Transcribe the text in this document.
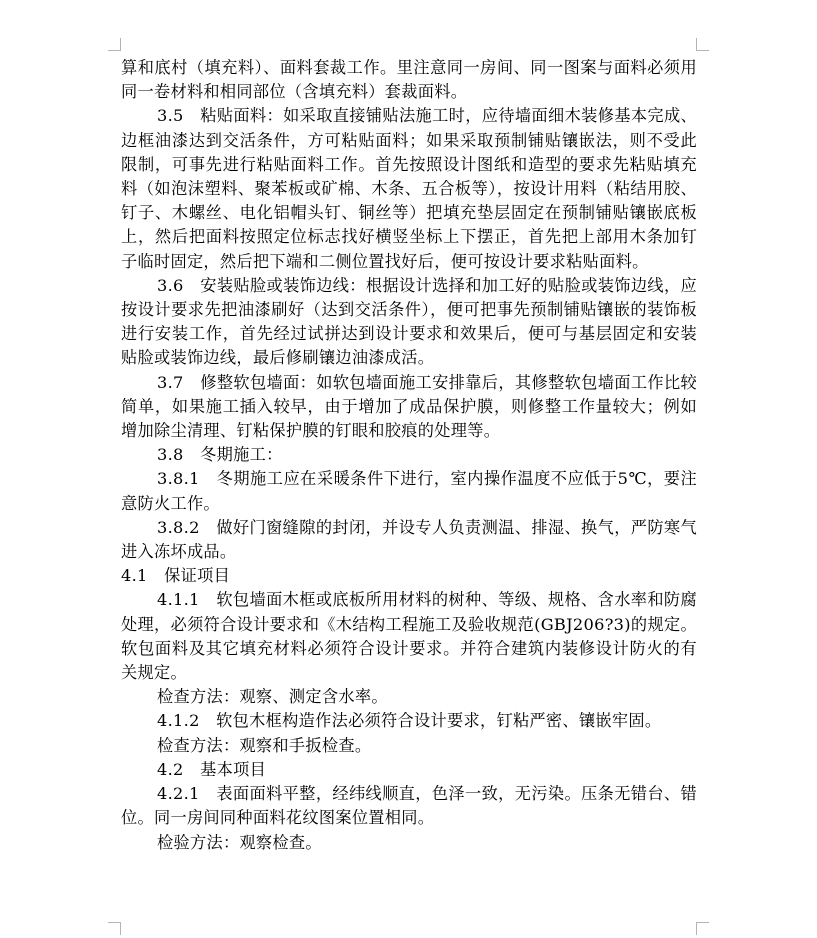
算和底村（填充料）、面料套裁工作。里注意同一房间、同一图案与面料必须用同一卷材料和相同部位（含填充料）套裁面料。

3.5　粘贴面料：如采取直接铺贴法施工时，应待墙面细木装修基本完成、边框油漆达到交活条件，方可粘贴面料；如果采取预制铺贴镶嵌法，则不受此限制，可事先进行粘贴面料工作。首先按照设计图纸和造型的要求先粘贴填充料（如泡沫塑料、聚苯板或矿棉、木条、五合板等），按设计用料（粘结用胶、钉子、木螺丝、电化铝帽头钉、铜丝等）把填充垫层固定在预制铺贴镶嵌底板上，然后把面料按照定位标志找好横竖坐标上下摆正，首先把上部用木条加钉子临时固定，然后把下端和二侧位置找好后，便可按设计要求粘贴面料。

3.6　安装贴脸或装饰边线：根据设计选择和加工好的贴脸或装饰边线，应按设计要求先把油漆刷好（达到交活条件），便可把事先预制铺贴镶嵌的装饰板进行安装工作，首先经过试拼达到设计要求和效果后，便可与基层固定和安装贴脸或装饰边线，最后修刷镶边油漆成活。

3.7　修整软包墙面：如软包墙面施工安排靠后，其修整软包墙面工作比较简单，如果施工插入较早，由于增加了成品保护膜，则修整工作量较大；例如增加除尘清理、钉粘保护膜的钉眼和胶痕的处理等。

3.8　冬期施工：

3.8.1　冬期施工应在采暖条件下进行，室内操作温度不应低于5℃，要注意防火工作。

3.8.2　做好门窗缝隙的封闭，并设专人负责测温、排湿、换气，严防寒气进入冻坏成品。

4.1　保证项目

4.1.1　软包墙面木框或底板所用材料的树种、等级、规格、含水率和防腐处理，必须符合设计要求和《木结构工程施工及验收规范(GBJ206?3)的规定。软包面料及其它填充材料必须符合设计要求。并符合建筑内装修设计防火的有关规定。

检查方法：观察、测定含水率。

4.1.2　软包木框构造作法必须符合设计要求，钉粘严密、镶嵌牢固。

检查方法：观察和手扳检查。

4.2　基本项目

4.2.1　表面面料平整，经纬线顺直，色泽一致，无污染。压条无错台、错位。同一房间同种面料花纹图案位置相同。

检验方法：观察检查。
